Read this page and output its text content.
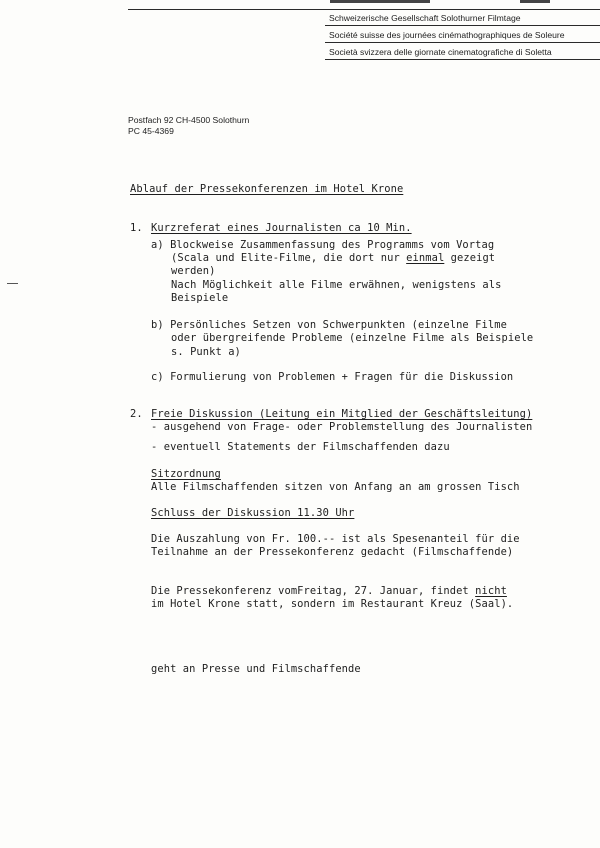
Schweizerische Gesellschaft Solothurner Filmtage
Société suisse des journées cinémathographiques de Soleure
Società svizzera delle giornate cinematografiche di Soletta
Postfach 92 CH-4500 Solothurn
PC 45-4369
Ablauf der Pressekonferenzen im Hotel Krone
1. Kurzreferat eines Journalisten ca 10 Min.
a) Blockweise Zusammenfassung des Programms vom Vortag
(Scala und Elite-Filme, die dort nur einmal gezeigt
werden)
Nach Möglichkeit alle Filme erwähnen, wenigstens als
Beispiele
b) Persönliches Setzen von Schwerpunkten (einzelne Filme
oder übergreifende Probleme (einzelne Filme als Beispiele
s. Punkt a)
c) Formulierung von Problemen + Fragen für die Diskussion
2. Freie Diskussion (Leitung ein Mitglied der Geschäftsleitung)
- ausgehend von Frage- oder Problemstellung des Journalisten
- eventuell Statements der Filmschaffenden dazu
Sitzordnung
Alle Filmschaffenden sitzen von Anfang an am grossen Tisch
Schluss der Diskussion 11.30 Uhr
Die Auszahlung von Fr. 100.-- ist als Spesenanteil für die
Teilnahme an der Pressekonferenz gedacht (Filmschaffende)
Die Pressekonferenz vomFreitag, 27. Januar, findet nicht
im Hotel Krone statt, sondern im Restaurant Kreuz (Saal).
geht an Presse und Filmschaffende
